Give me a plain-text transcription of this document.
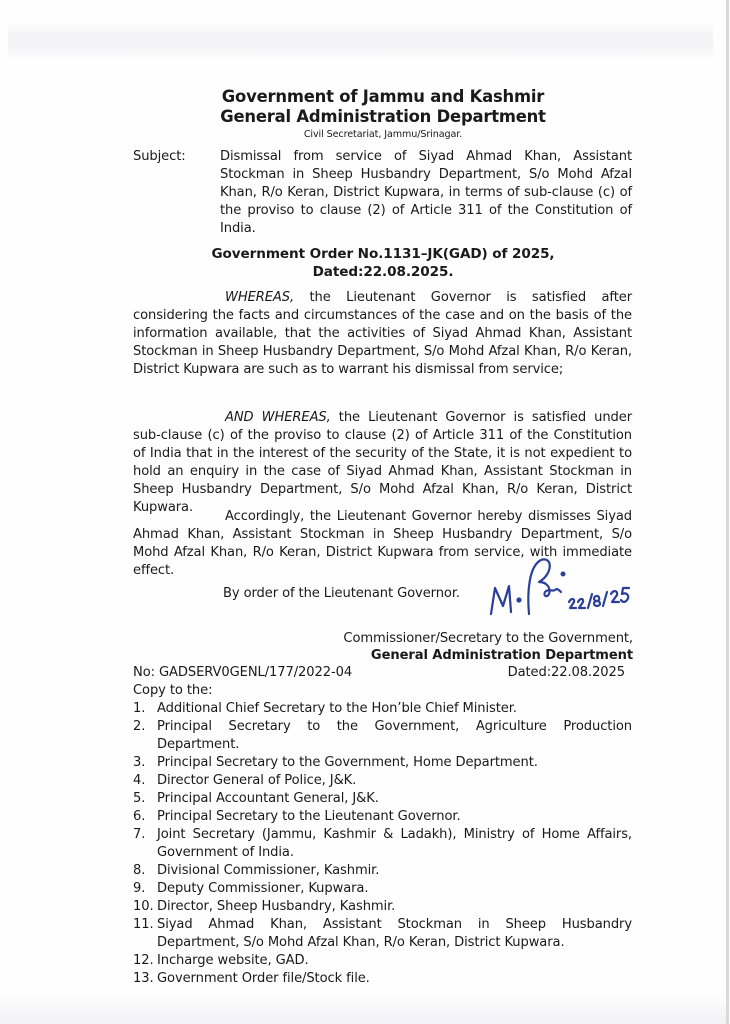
Government of Jammu and Kashmir
General Administration Department
Civil Secretariat, Jammu/Srinagar.
Subject:	Dismissal from service of Siyad Ahmad Khan, Assistant Stockman in Sheep Husbandry Department, S/o Mohd Afzal Khan, R/o Keran, District Kupwara, in terms of sub-clause (c) of the proviso to clause (2) of Article 311 of the Constitution of India.
Government Order No.1131–JK(GAD) of 2025,
Dated:22.08.2025.
WHEREAS, the Lieutenant Governor is satisfied after considering the facts and circumstances of the case and on the basis of the information available, that the activities of Siyad Ahmad Khan, Assistant Stockman in Sheep Husbandry Department, S/o Mohd Afzal Khan, R/o Keran, District Kupwara are such as to warrant his dismissal from service;
AND WHEREAS, the Lieutenant Governor is satisfied under sub-clause (c) of the proviso to clause (2) of Article 311 of the Constitution of India that in the interest of the security of the State, it is not expedient to hold an enquiry in the case of Siyad Ahmad Khan, Assistant Stockman in Sheep Husbandry Department, S/o Mohd Afzal Khan, R/o Keran, District Kupwara.
Accordingly, the Lieutenant Governor hereby dismisses Siyad Ahmad Khan, Assistant Stockman in Sheep Husbandry Department, S/o Mohd Afzal Khan, R/o Keran, District Kupwara from service, with immediate effect.
By order of the Lieutenant Governor.
Commissioner/Secretary to the Government,
General Administration Department
No: GADSERV0GENL/177/2022-04	Dated:22.08.2025
Copy to the:
1. Additional Chief Secretary to the Hon’ble Chief Minister.
2. Principal Secretary to the Government, Agriculture Production Department.
3. Principal Secretary to the Government, Home Department.
4. Director General of Police, J&K.
5. Principal Accountant General, J&K.
6. Principal Secretary to the Lieutenant Governor.
7. Joint Secretary (Jammu, Kashmir & Ladakh), Ministry of Home Affairs, Government of India.
8. Divisional Commissioner, Kashmir.
9. Deputy Commissioner, Kupwara.
10. Director, Sheep Husbandry, Kashmir.
11. Siyad Ahmad Khan, Assistant Stockman in Sheep Husbandry Department, S/o Mohd Afzal Khan, R/o Keran, District Kupwara.
12. Incharge website, GAD.
13. Government Order file/Stock file.
